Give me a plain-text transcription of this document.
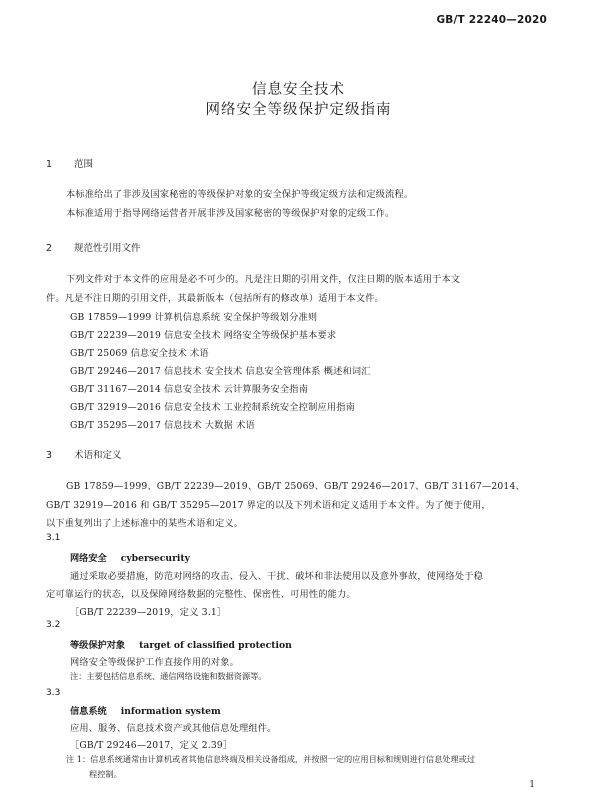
GB/T 22240—2020
信息安全技术
网络安全等级保护定级指南
1 范围
本标准给出了非涉及国家秘密的等级保护对象的安全保护等级定级方法和定级流程。
本标准适用于指导网络运营者开展非涉及国家秘密的等级保护对象的定级工作。
2 规范性引用文件
下列文件对于本文件的应用是必不可少的。凡是注日期的引用文件，仅注日期的版本适用于本文
件。凡是不注日期的引用文件，其最新版本（包括所有的修改单）适用于本文件。
GB 17859—1999 计算机信息系统 安全保护等级划分准则
GB/T 22239—2019 信息安全技术 网络安全等级保护基本要求
GB/T 25069 信息安全技术 术语
GB/T 29246—2017 信息技术 安全技术 信息安全管理体系 概述和词汇
GB/T 31167—2014 信息安全技术 云计算服务安全指南
GB/T 32919—2016 信息安全技术 工业控制系统安全控制应用指南
GB/T 35295—2017 信息技术 大数据 术语
3 术语和定义
GB 17859—1999、GB/T 22239—2019、GB/T 25069、GB/T 29246—2017、GB/T 31167—2014、
GB/T 32919—2016 和 GB/T 35295—2017 界定的以及下列术语和定义适用于本文件。为了便于使用，
以下重复列出了上述标准中的某些术语和定义。
3.1
网络安全 cybersecurity
通过采取必要措施，防范对网络的攻击、侵入、干扰、破坏和非法使用以及意外事故，使网络处于稳
定可靠运行的状态，以及保障网络数据的完整性、保密性、可用性的能力。
［GB/T 22239—2019，定义 3.1］
3.2
等级保护对象 target of classified protection
网络安全等级保护工作直接作用的对象。
注：主要包括信息系统、通信网络设施和数据资源等。
3.3
信息系统 information system
应用、服务、信息技术资产或其他信息处理组件。
［GB/T 29246—2017，定义 2.39］
注 1：信息系统通常由计算机或者其他信息终端及相关设备组成，并按照一定的应用目标和规则进行信息处理或过
程控制。
1
